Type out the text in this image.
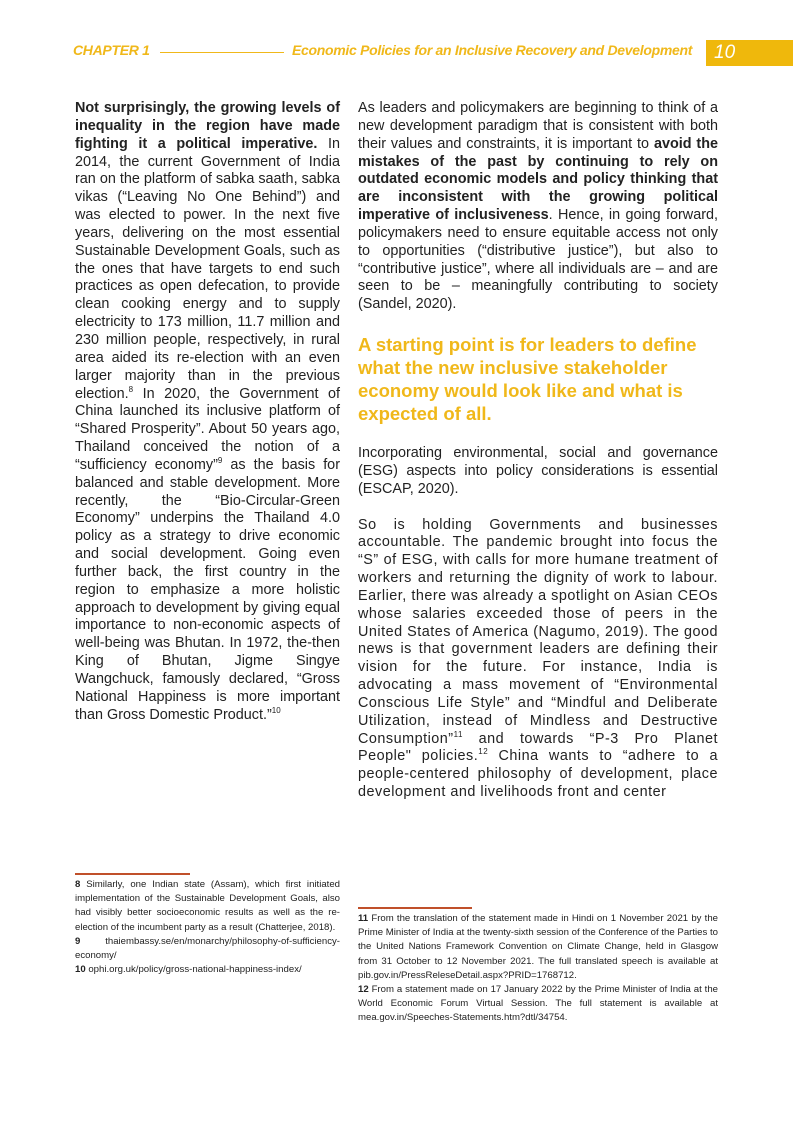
CHAPTER 1	Economic Policies for an Inclusive Recovery and Development	10

Not surprisingly, the growing levels of inequality in the region have made fighting it a political imperative. In 2014, the current Government of India ran on the platform of sabka saath, sabka vikas (“Leaving No One Behind”) and was elected to power. In the next five years, delivering on the most essential Sustainable Development Goals, such as the ones that have targets to end such practices as open defecation, to provide clean cooking energy and to supply electricity to 173 million, 11.7 million and 230 million people, respectively, in rural area aided its re-election with an even larger majority than in the previous election.$^8$ In 2020, the Government of China launched its inclusive platform of “Shared Prosperity”. About 50 years ago, Thailand conceived the notion of a “sufficiency economy”$^9$ as the basis for balanced and stable development. More recently, the “Bio-Circular-Green Economy” underpins the Thailand 4.0 policy as a strategy to drive economic and social development. Going even further back, the first country in the region to emphasize a more holistic approach to development by giving equal importance to non-economic aspects of well-being was Bhutan. In 1972, the-then King of Bhutan, Jigme Singye Wangchuck, famously declared, “Gross National Happiness is more important than Gross Domestic Product.”$^{10}$

As leaders and policymakers are beginning to think of a new development paradigm that is consistent with both their values and constraints, it is important to avoid the mistakes of the past by continuing to rely on outdated economic models and policy thinking that are inconsistent with the growing political imperative of inclusiveness. Hence, in going forward, policymakers need to ensure equitable access not only to opportunities (“distributive justice”), but also to “contributive justice”, where all individuals are – and are seen to be – meaningfully contributing to society (Sandel, 2020).

A starting point is for leaders to define what the new inclusive stakeholder economy would look like and what is expected of all.

Incorporating environmental, social and governance (ESG) aspects into policy considerations is essential (ESCAP, 2020).

So is holding Governments and businesses accountable. The pandemic brought into focus the “S” of ESG, with calls for more humane treatment of workers and returning the dignity of work to labour. Earlier, there was already a spotlight on Asian CEOs whose salaries exceeded those of peers in the United States of America (Nagumo, 2019). The good news is that government leaders are defining their vision for the future. For instance, India is advocating a mass movement of “Environmental Conscious Life Style” and “Mindful and Deliberate Utilization, instead of Mindless and Destructive Consumption”$^{11}$ and towards “P-3 Pro Planet People" policies.$^{12}$ China wants to “adhere to a people-centered philosophy of development, place development and livelihoods front and center

8 Similarly, one Indian state (Assam), which first initiated implementation of the Sustainable Development Goals, also had visibly better socioeconomic results as well as the re-election of the incumbent party as a result (Chatterjee, 2018).

9 thaiembassy.se/en/monarchy/philosophy-of-sufficiency-economy/

10 ophi.org.uk/policy/gross-national-happiness-index/

11 From the translation of the statement made in Hindi on 1 November 2021 by the Prime Minister of India at the twenty-sixth session of the Conference of the Parties to the United Nations Framework Convention on Climate Change, held in Glasgow from 31 October to 12 November 2021. The full translated speech is available at pib.gov.in/PressReleseDetail.aspx?PRID=1768712.

12 From a statement made on 17 January 2022 by the Prime Minister of India at the World Economic Forum Virtual Session. The full statement is available at mea.gov.in/Speeches-Statements.htm?dtl/34754.
